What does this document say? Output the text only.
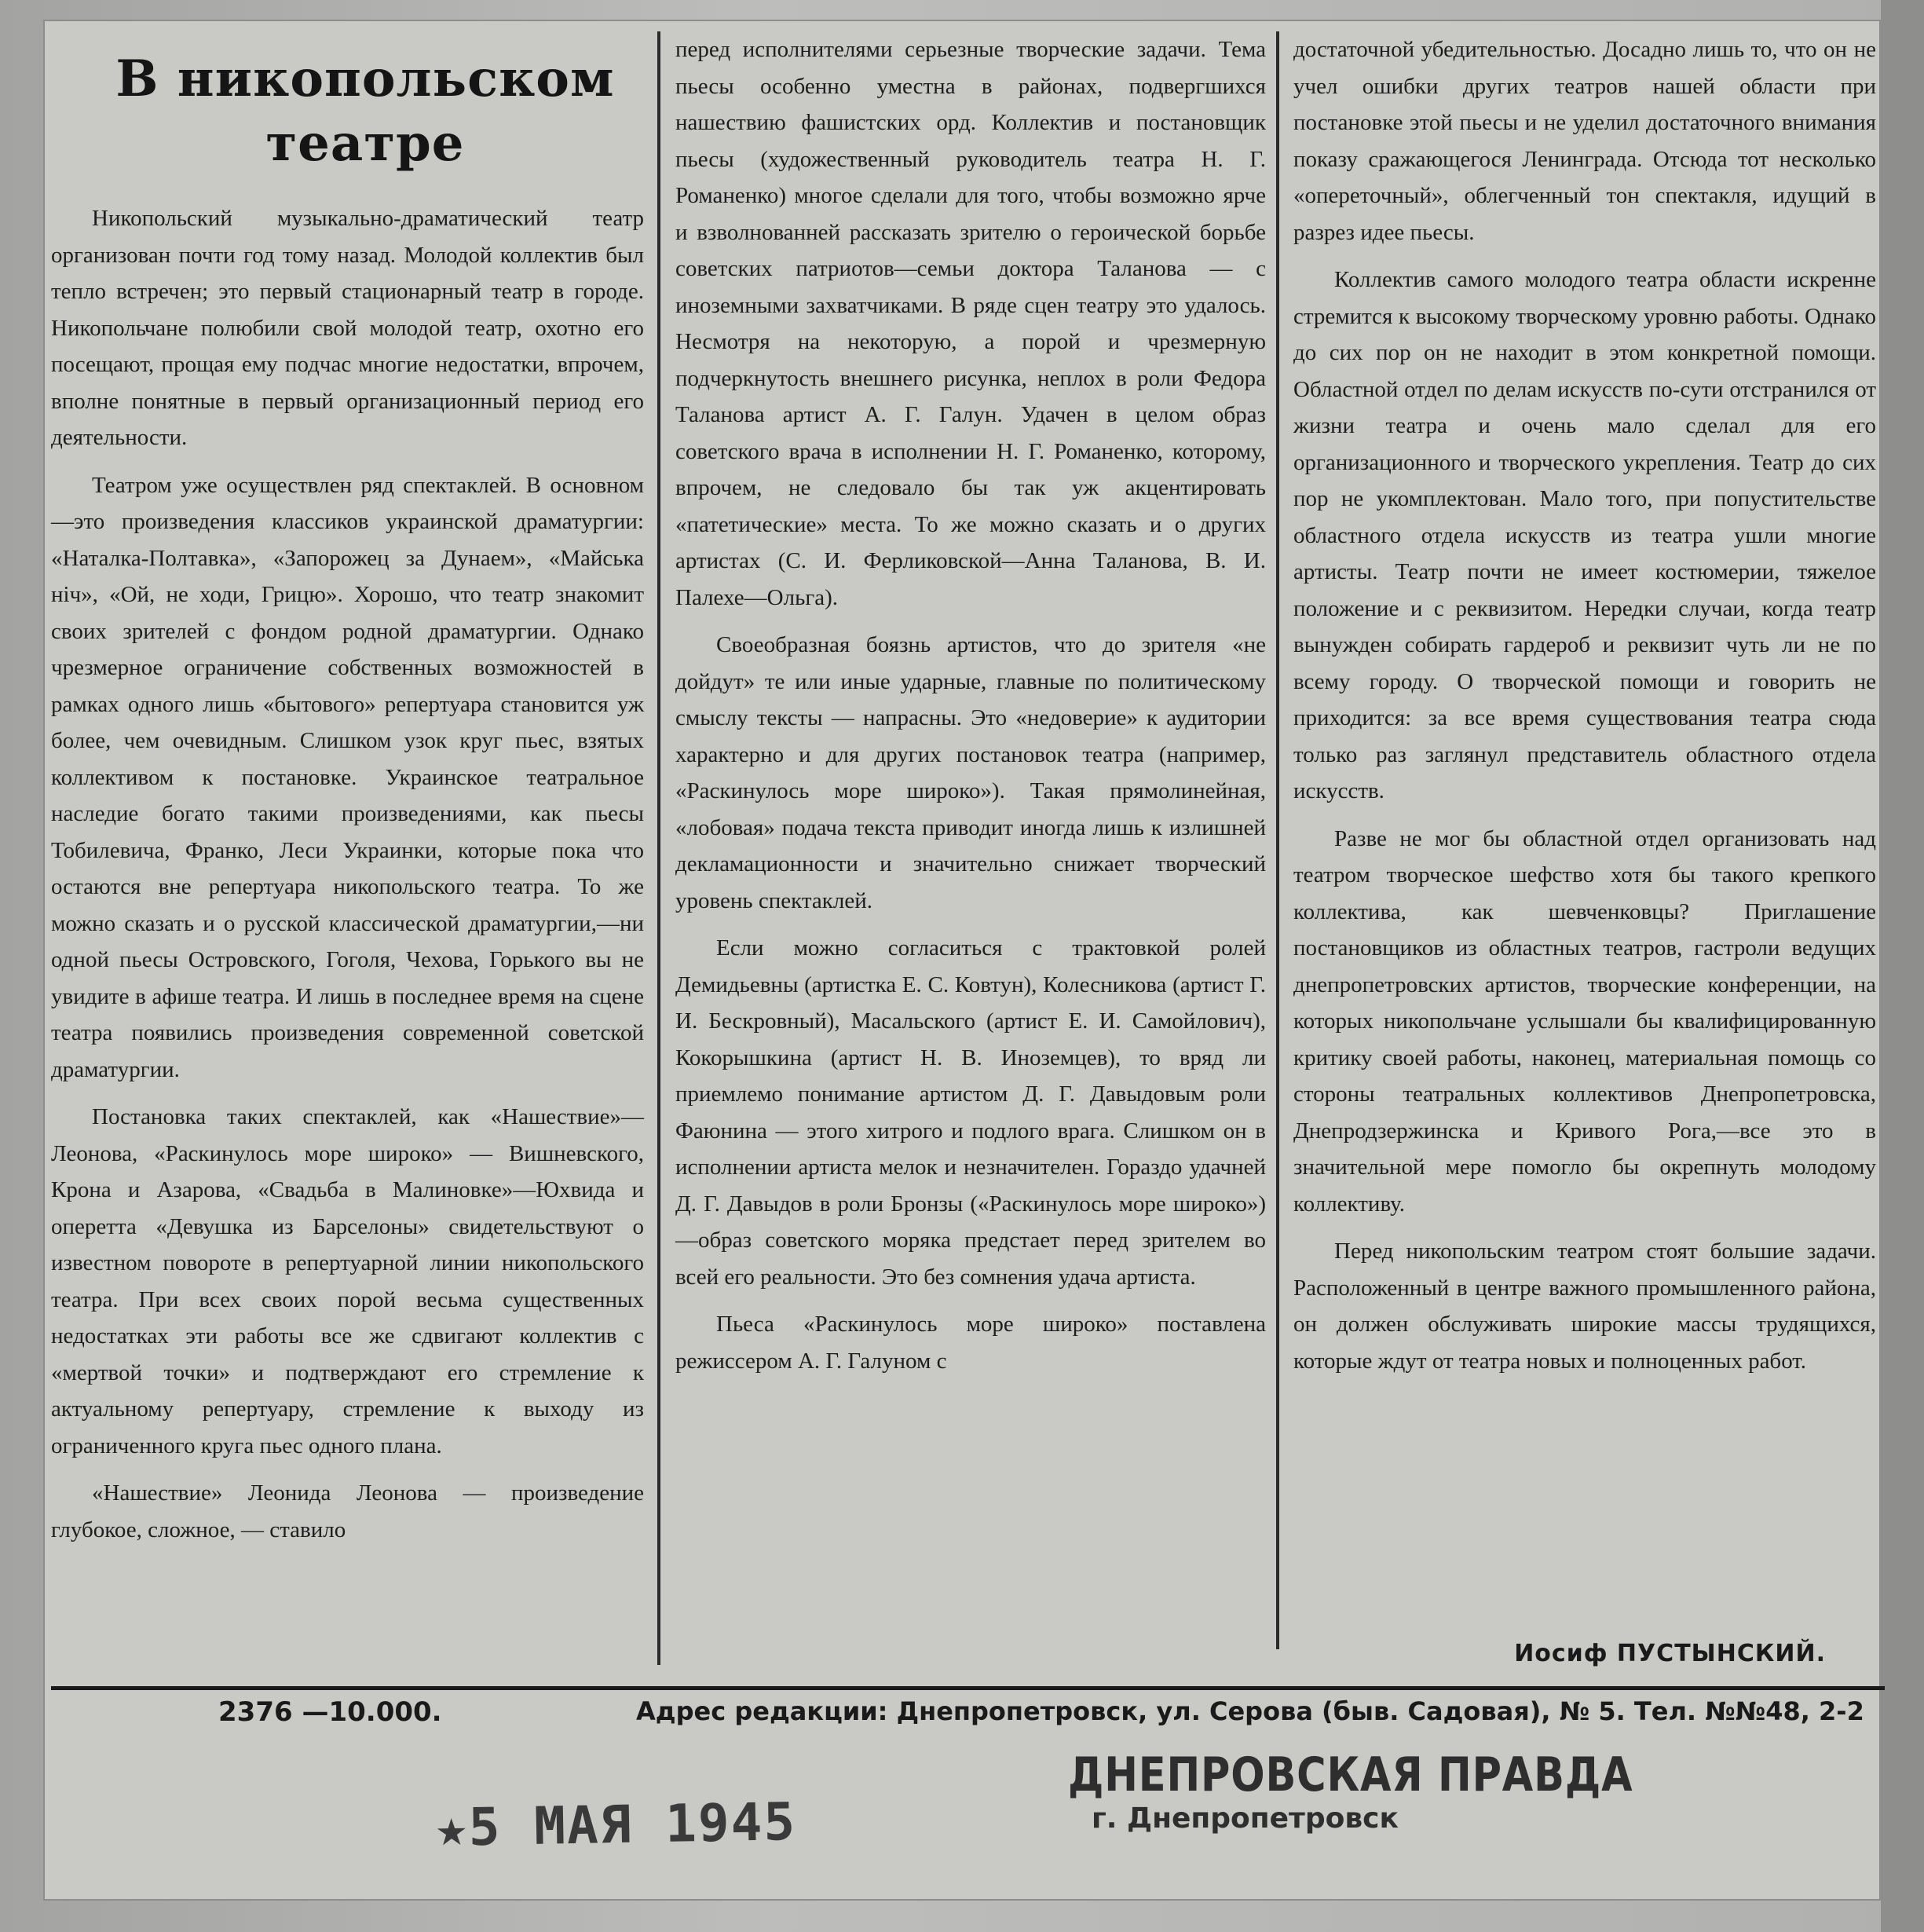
В никопольском театре

Никопольский музыкально-драматический театр организован почти год тому назад. Молодой коллектив был тепло встречен; это первый стационарный театр в городе. Никопольчане полюбили свой молодой театр, охотно его посещают, прощая ему подчас многие недостатки, впрочем, вполне понятные в первый организационный период его деятельности.

Театром уже осуществлен ряд спектаклей. В основном—это произведения классиков украинской драматургии: «Наталка-Полтавка», «Запорожец за Дунаем», «Майська ніч», «Ой, не ходи, Грицю». Хорошо, что театр знакомит своих зрителей с фондом родной драматургии. Однако чрезмерное ограничение собственных возможностей в рамках одного лишь «бытового» репертуара становится уж более, чем очевидным. Слишком узок круг пьес, взятых коллективом к постановке. Украинское театральное наследие богато такими произведениями, как пьесы Тобилевича, Франко, Леси Украинки, которые пока что остаются вне репертуара никопольского театра. То же можно сказать и о русской классической драматургии,—ни одной пьесы Островского, Гоголя, Чехова, Горького вы не увидите в афише театра. И лишь в последнее время на сцене театра появились произведения современной советской драматургии.

Постановка таких спектаклей, как «Нашествие»—Леонова, «Раскинулось море широко» — Вишневского, Крона и Азарова, «Свадьба в Малиновке»—Юхвида и оперетта «Девушка из Барселоны» свидетельствуют о известном повороте в репертуарной линии никопольского театра. При всех своих порой весьма существенных недостатках эти работы все же сдвигают коллектив с «мертвой точки» и подтверждают его стремление к актуальному репертуару, стремление к выходу из ограниченного круга пьес одного плана.

«Нашествие» Леонида Леонова — произведение глубокое, сложное, — ставило

перед исполнителями серьезные творческие задачи. Тема пьесы особенно уместна в районах, подвергшихся нашествию фашистских орд. Коллектив и постановщик пьесы (художественный руководитель театра Н. Г. Романенко) многое сделали для того, чтобы возможно ярче и взволнованней рассказать зрителю о героической борьбе советских патриотов—семьи доктора Таланова — с иноземными захватчиками. В ряде сцен театру это удалось. Несмотря на некоторую, а порой и чрезмерную подчеркнутость внешнего рисунка, неплох в роли Федора Таланова артист А. Г. Галун. Удачен в целом образ советского врача в исполнении Н. Г. Романенко, которому, впрочем, не следовало бы так уж акцентировать «патетические» места. То же можно сказать и о других артистах (С. И. Ферликовской—Анна Таланова, В. И. Палехе—Ольга).

Своеобразная боязнь артистов, что до зрителя «не дойдут» те или иные ударные, главные по политическому смыслу тексты — напрасны. Это «недоверие» к аудитории характерно и для других постановок театра (например, «Раскинулось море широко»). Такая прямолинейная, «лобовая» подача текста приводит иногда лишь к излишней декламационности и значительно снижает творческий уровень спектаклей.

Если можно согласиться с трактовкой ролей Демидьевны (артистка Е. С. Ковтун), Колесникова (артист Г. И. Бескровный), Масальского (артист Е. И. Самойлович), Кокорышкина (артист Н. В. Иноземцев), то вряд ли приемлемо понимание артистом Д. Г. Давыдовым роли Фаюнина — этого хитрого и подлого врага. Слишком он в исполнении артиста мелок и незначителен. Гораздо удачней Д. Г. Давыдов в роли Бронзы («Раскинулось море широко»)—образ советского моряка предстает перед зрителем во всей его реальности. Это без сомнения удача артиста.

Пьеса «Раскинулось море широко» поставлена режиссером А. Г. Галуном с

достаточной убедительностью. Досадно лишь то, что он не учел ошибки других театров нашей области при постановке этой пьесы и не уделил достаточного внимания показу сражающегося Ленинграда. Отсюда тот несколько «опереточный», облегченный тон спектакля, идущий в разрез идее пьесы.

Коллектив самого молодого театра области искренне стремится к высокому творческому уровню работы. Однако до сих пор он не находит в этом конкретной помощи. Областной отдел по делам искусств по-сути отстранился от жизни театра и очень мало сделал для его организационного и творческого укрепления. Театр до сих пор не укомплектован. Мало того, при попустительстве областного отдела искусств из театра ушли многие артисты. Театр почти не имеет костюмерии, тяжелое положение и с реквизитом. Нередки случаи, когда театр вынужден собирать гардероб и реквизит чуть ли не по всему городу. О творческой помощи и говорить не приходится: за все время существования театра сюда только раз заглянул представитель областного отдела искусств.

Разве не мог бы областной отдел организовать над театром творческое шефство хотя бы такого крепкого коллектива, как шевченковцы? Приглашение постановщиков из областных театров, гастроли ведущих днепропетровских артистов, творческие конференции, на которых никопольчане услышали бы квалифицированную критику своей работы, наконец, материальная помощь со стороны театральных коллективов Днепропетровска, Днепродзержинска и Кривого Рога,—все это в значительной мере помогло бы окрепнуть молодому коллективу.

Перед никопольским театром стоят большие задачи. Расположенный в центре важного промышленного района, он должен обслуживать широкие массы трудящихся, которые ждут от театра новых и полноценных работ.

Иосиф ПУСТЫНСКИЙ.
2376 —10.000.	Адрес редакции: Днепропетровск, ул. Серова (быв. Садовая), № 5. Тел. №№48, 2-2
★5 МАЯ 1945
ДНЕПРОВСКАЯ ПРАВДА
г. Днепропетровск
